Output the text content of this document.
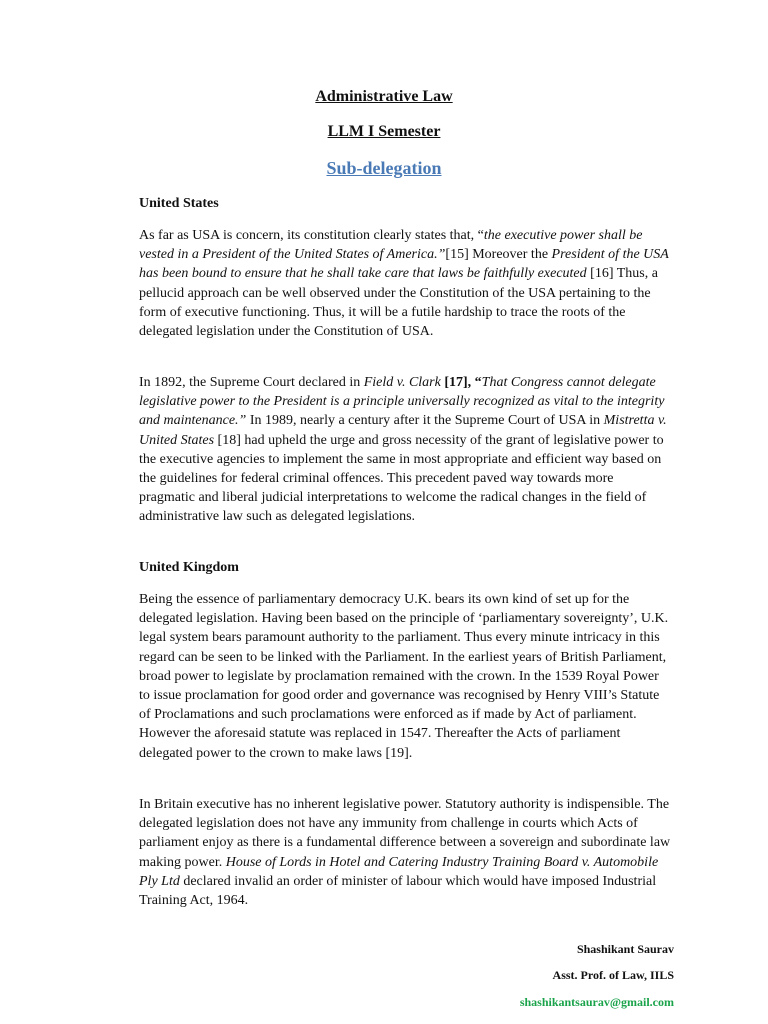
Administrative Law
LLM I Semester
Sub-delegation
United States

As far as USA is concern, its constitution clearly states that, “the executive power shall be vested in a President of the United States of America.”[15] Moreover the President of the USA has been bound to ensure that he shall take care that laws be faithfully executed [16] Thus, a pellucid approach can be well observed under the Constitution of the USA pertaining to the form of executive functioning. Thus, it will be a futile hardship to trace the roots of the delegated legislation under the Constitution of USA.

In 1892, the Supreme Court declared in Field v. Clark [17], “That Congress cannot delegate legislative power to the President is a principle universally recognized as vital to the integrity and maintenance.” In 1989, nearly a century after it the Supreme Court of USA in Mistretta v. United States [18] had upheld the urge and gross necessity of the grant of legislative power to the executive agencies to implement the same in most appropriate and efficient way based on the guidelines for federal criminal offences. This precedent paved way towards more pragmatic and liberal judicial interpretations to welcome the radical changes in the field of administrative law such as delegated legislations.

United Kingdom

Being the essence of parliamentary democracy U.K. bears its own kind of set up for the delegated legislation. Having been based on the principle of ‘parliamentary sovereignty’, U.K. legal system bears paramount authority to the parliament. Thus every minute intricacy in this regard can be seen to be linked with the Parliament. In the earliest years of British Parliament, broad power to legislate by proclamation remained with the crown. In the 1539 Royal Power to issue proclamation for good order and governance was recognised by Henry VIII’s Statute of Proclamations and such proclamations were enforced as if made by Act of parliament. However the aforesaid statute was replaced in 1547. Thereafter the Acts of parliament delegated power to the crown to make laws [19].

In Britain executive has no inherent legislative power. Statutory authority is indispensible. The delegated legislation does not have any immunity from challenge in courts which Acts of parliament enjoy as there is a fundamental difference between a sovereign and subordinate law making power. House of Lords in Hotel and Catering Industry Training Board v. Automobile Ply Ltd declared invalid an order of minister of labour which would have imposed Industrial Training Act, 1964.

Shashikant Saurav
Asst. Prof. of Law, IILS
shashikantsaurav@gmail.com
